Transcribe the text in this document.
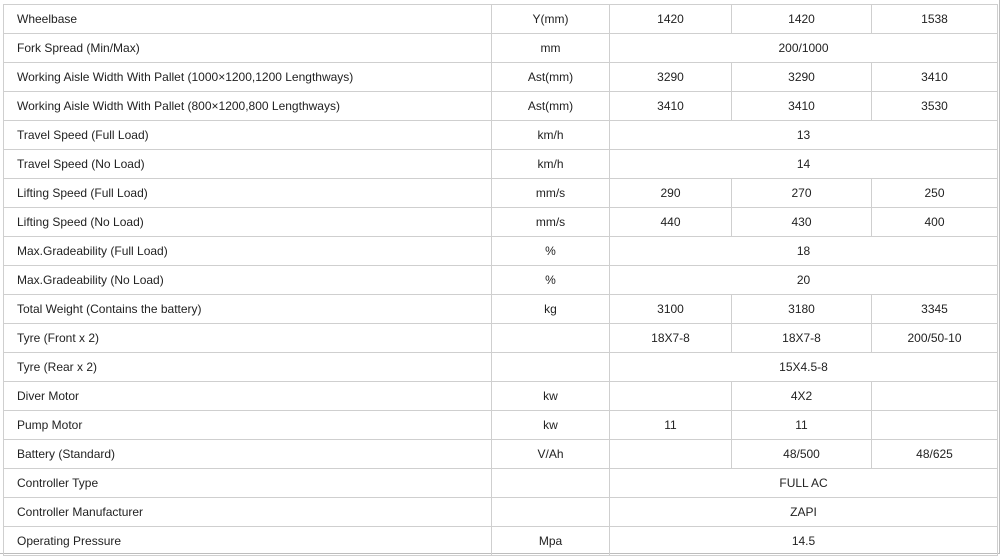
Wheelbase	Y(mm)	1420	1420	1538
Fork Spread (Min/Max)	mm	200/1000		
Working Aisle Width With Pallet (1000×1200,1200 Lengthways)	Ast(mm)	3290	3290	3410
Working Aisle Width With Pallet (800×1200,800 Lengthways)	Ast(mm)	3410	3410	3530
Travel Speed (Full Load)	km/h	13		
Travel Speed (No Load)	km/h	14		
Lifting Speed (Full Load)	mm/s	290	270	250
Lifting Speed (No Load)	mm/s	440	430	400
Max.Gradeability (Full Load)	%	18		
Max.Gradeability (No Load)	%	20		
Total Weight (Contains the battery)	kg	3100	3180	3345
Tyre (Front x 2)		18X7-8	18X7-8	200/50-10
Tyre (Rear x 2)		15X4.5-8		
Diver Motor	kw		4X2	
Pump Motor	kw	11	11	
Battery (Standard)	V/Ah		48/500	48/625
Controller Type		FULL AC		
Controller Manufacturer		ZAPI		
Operating Pressure	Mpa	14.5		
